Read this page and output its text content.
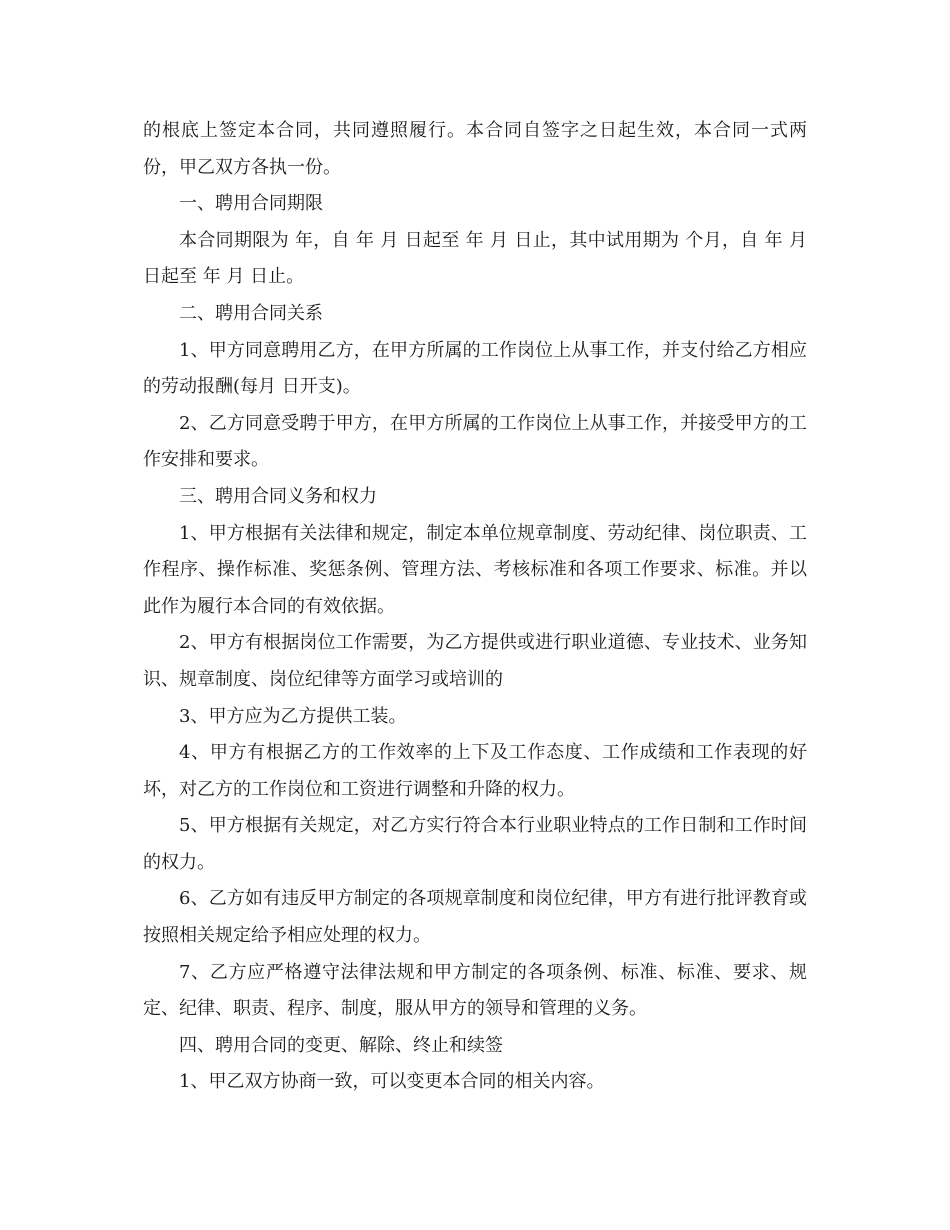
的根底上签定本合同，共同遵照履行。本合同自签字之日起生效，本合同一式两份，甲乙双方各执一份。

一、聘用合同期限

本合同期限为 年，自 年 月 日起至 年 月 日止，其中试用期为 个月，自 年 月 日起至 年 月 日止。

二、聘用合同关系

1、甲方同意聘用乙方，在甲方所属的工作岗位上从事工作，并支付给乙方相应的劳动报酬(每月 日开支)。

2、乙方同意受聘于甲方，在甲方所属的工作岗位上从事工作，并接受甲方的工作安排和要求。

三、聘用合同义务和权力

1、甲方根据有关法律和规定，制定本单位规章制度、劳动纪律、岗位职责、工作程序、操作标准、奖惩条例、管理方法、考核标准和各项工作要求、标准。并以此作为履行本合同的有效依据。

2、甲方有根据岗位工作需要，为乙方提供或进行职业道德、专业技术、业务知识、规章制度、岗位纪律等方面学习或培训的

3、甲方应为乙方提供工装。

4、甲方有根据乙方的工作效率的上下及工作态度、工作成绩和工作表现的好坏，对乙方的工作岗位和工资进行调整和升降的权力。

5、甲方根据有关规定，对乙方实行符合本行业职业特点的工作日制和工作时间的权力。

6、乙方如有违反甲方制定的各项规章制度和岗位纪律，甲方有进行批评教育或按照相关规定给予相应处理的权力。

7、乙方应严格遵守法律法规和甲方制定的各项条例、标准、标准、要求、规定、纪律、职责、程序、制度，服从甲方的领导和管理的义务。

四、聘用合同的变更、解除、终止和续签

1、甲乙双方协商一致，可以变更本合同的相关内容。
